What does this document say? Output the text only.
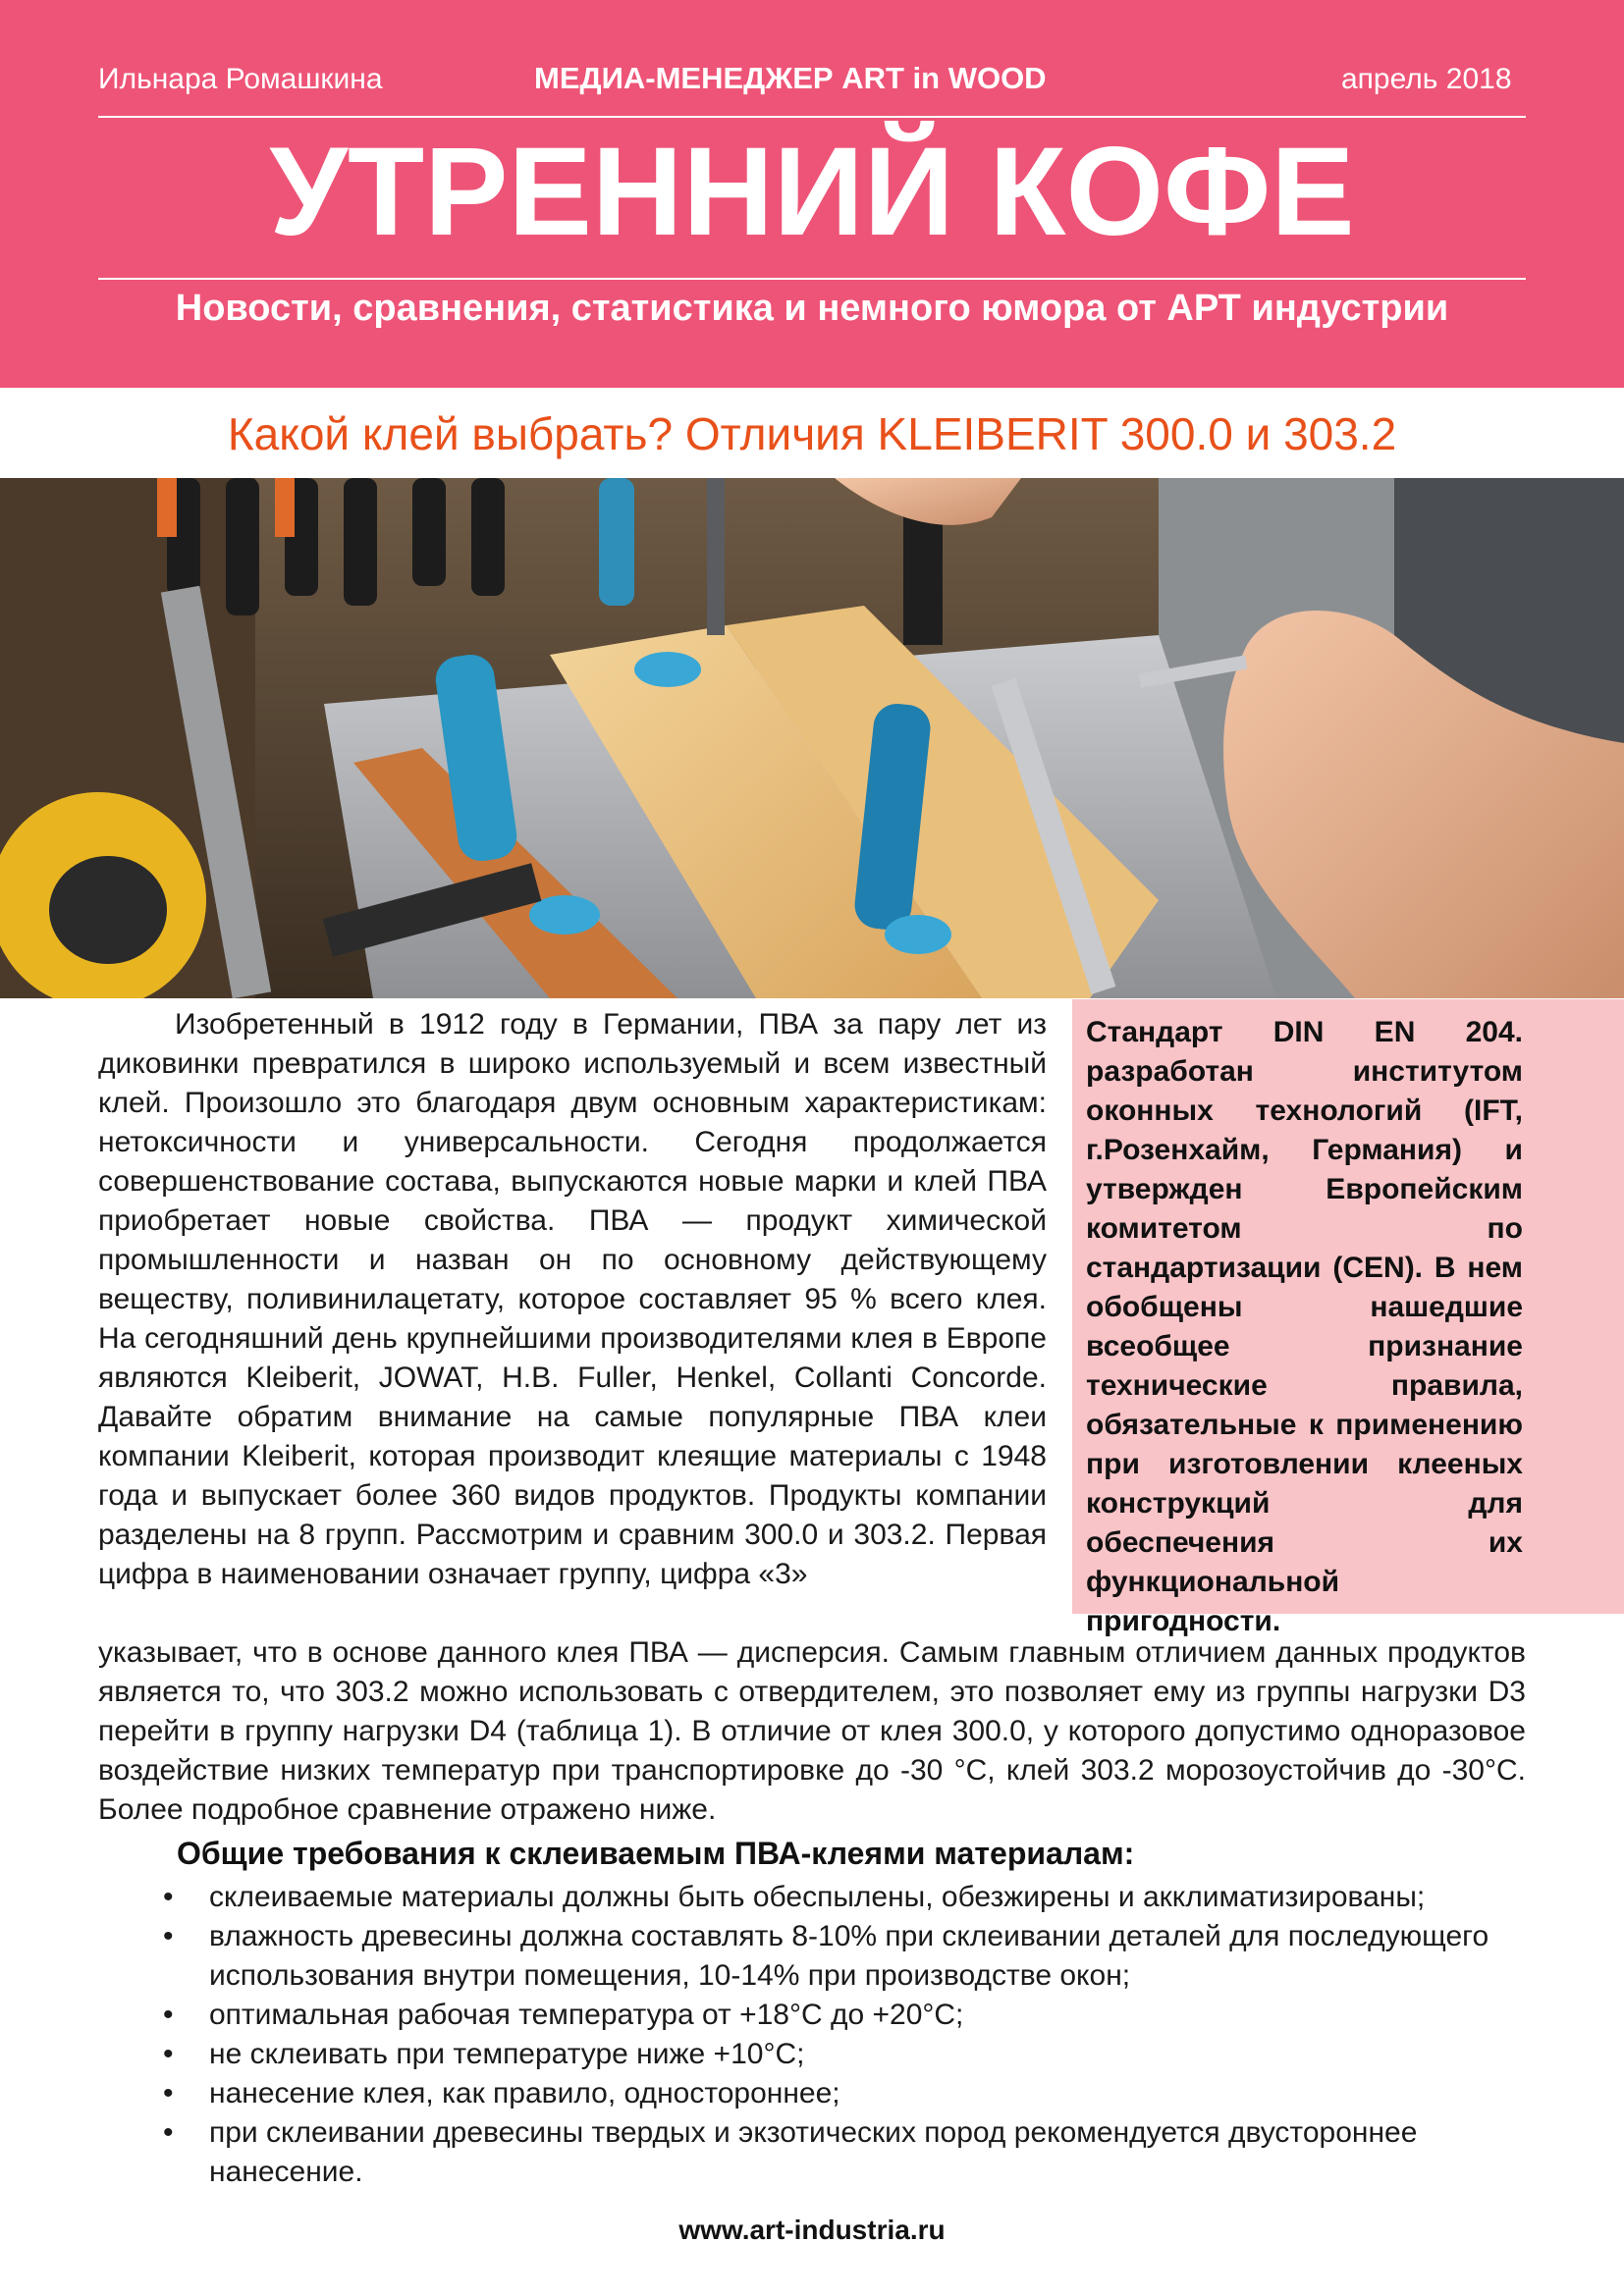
Ильнара Ромашкина	МЕДИА-МЕНЕДЖЕР ART in WOOD	апрель 2018
УТРЕННИЙ КОФЕ
Новости, сравнения, статистика и немного юмора от АРТ индустрии
Какой клей выбрать? Отличия KLEIBERIT 300.0 и 303.2

Изобретенный в 1912 году в Германии, ПВА за пару лет из диковинки превратился в широко используемый и всем известный клей. Произошло это благодаря двум основным характеристикам: нетоксичности и универсальности. Сегодня продолжается совершенствование состава, выпускаются новые марки и клей ПВА приобретает новые свойства. ПВА — продукт химической промышленности и назван он по основному действующему веществу, поливинилацетату, которое составляет 95 % всего клея. На сегодняшний день крупнейшими производителями клея в Европе являются Kleiberit, JOWAT, H.B. Fuller, Henkel, Collanti Concorde. Давайте обратим внимание на самые популярные ПВА клеи компании Kleiberit, которая производит клеящие материалы с 1948 года и выпускает более 360 видов продуктов. Продукты компании разделены на 8 групп. Рассмотрим и сравним 300.0 и 303.2. Первая цифра в наименовании означает группу, цифра «3»

Стандарт DIN EN 204. разработан институтом оконных технологий (IFT, г.Розенхайм, Германия) и утвержден Европейским комитетом по стандартизации (CEN). В нем обобщены нашедшие всеобщее признание технические правила, обязательные к применению при изготовлении клееных конструкций для обеспечения их функциональной пригодности.

указывает, что в основе данного клея ПВА — дисперсия. Самым главным отличием данных продуктов является то, что 303.2 можно использовать с отвердителем, это позволяет ему из группы нагрузки D3 перейти в группу нагрузки D4 (таблица 1). В отличие от клея 300.0, у которого допустимо одноразовое воздействие низких температур при транспортировке до -30 °C, клей 303.2 морозоустойчив до -30°C. Более подробное сравнение отражено ниже.

Общие требования к склеиваемым ПВА-клеями материалам:
• склеиваемые материалы должны быть обеспылены, обезжирены и акклиматизированы;
• влажность древесины должна составлять 8-10% при склеивании деталей для последующего использования внутри помещения, 10-14% при производстве окон;
• оптимальная рабочая температура от +18°C до +20°C;
• не склеивать при температуре ниже +10°C;
• нанесение клея, как правило, одностороннее;
• при склеивании древесины твердых и экзотических пород рекомендуется двустороннее нанесение.
www.art-industria.ru
